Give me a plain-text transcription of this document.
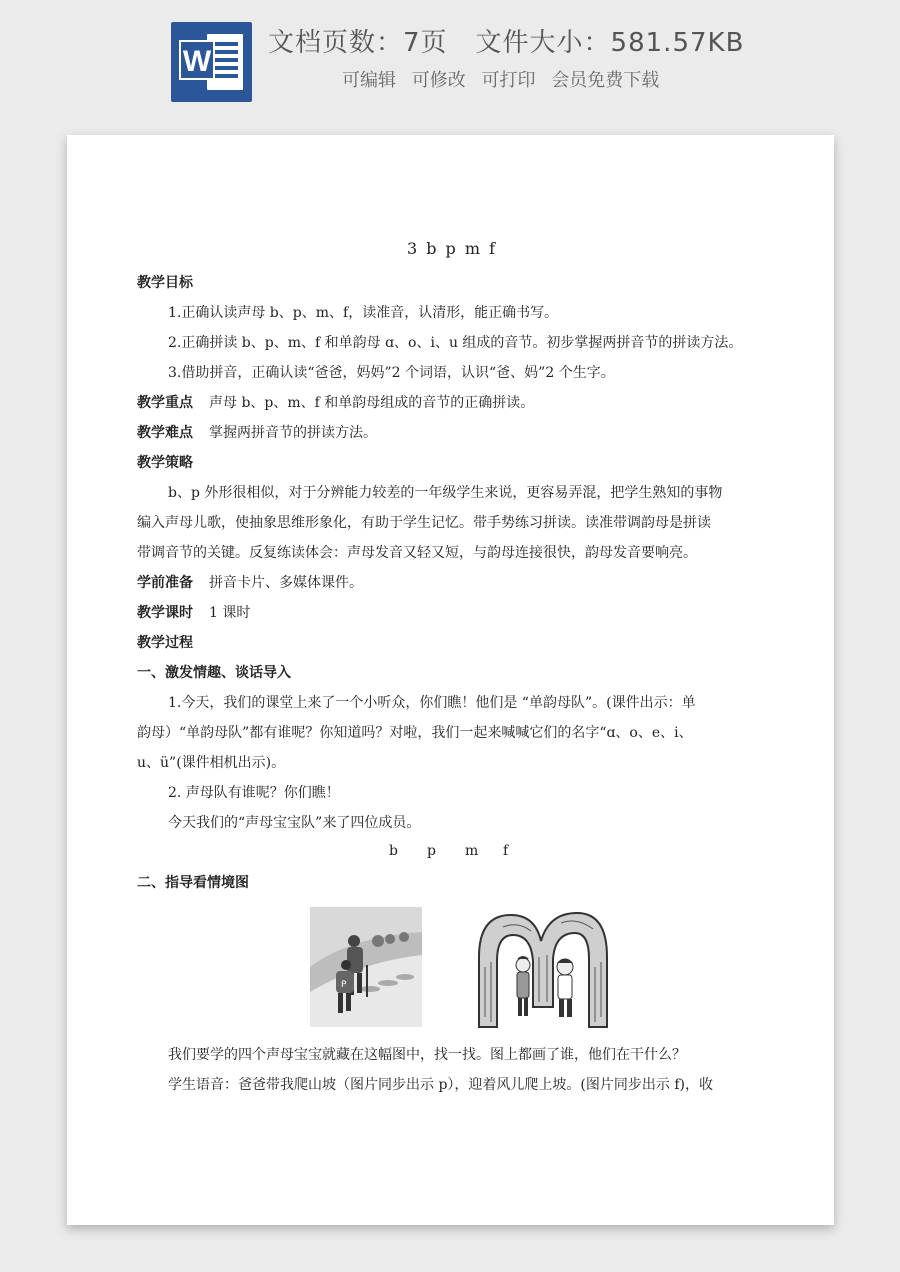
W
文档页数：7页 文件大小：581.57KB
可编辑 可修改 可打印 会员免费下载
3 b p m f
教学目标
1.正确认读声母 b、p、m、f，读准音，认清形，能正确书写。
2.正确拼读 b、p、m、f 和单韵母 ɑ、o、i、u 组成的音节。初步掌握两拼音节的拼读方法。
3.借助拼音，正确认读“爸爸，妈妈”2 个词语，认识“爸、妈”2 个生字。
教学重点 声母 b、p、m、f 和单韵母组成的音节的正确拼读。
教学难点 掌握两拼音节的拼读方法。
教学策略
b、p 外形很相似，对于分辨能力较差的一年级学生来说，更容易弄混，把学生熟知的事物
编入声母儿歌，使抽象思维形象化，有助于学生记忆。带手势练习拼读。读准带调韵母是拼读
带调音节的关键。反复练读体会：声母发音又轻又短，与韵母连接很快，韵母发音要响亮。
学前准备 拼音卡片、多媒体课件。
教学课时 1 课时
教学过程
一、激发情趣、谈话导入
1.今天，我们的课堂上来了一个小听众，你们瞧！他们是 “单韵母队”。(课件出示：单
韵母）“单韵母队”都有谁呢？你知道吗？对啦，我们一起来喊喊它们的名字“ɑ、o、e、i、
u、ü”(课件相机出示)。
2. 声母队有谁呢？你们瞧！
今天我们的“声母宝宝队”来了四位成员。
b p m f
二、指导看情境图
P
我们要学的四个声母宝宝就藏在这幅图中，找一找。图上都画了谁，他们在干什么？
学生语音：爸爸带我爬山坡（图片同步出示 p），迎着风儿爬上坡。(图片同步出示 f)，收
